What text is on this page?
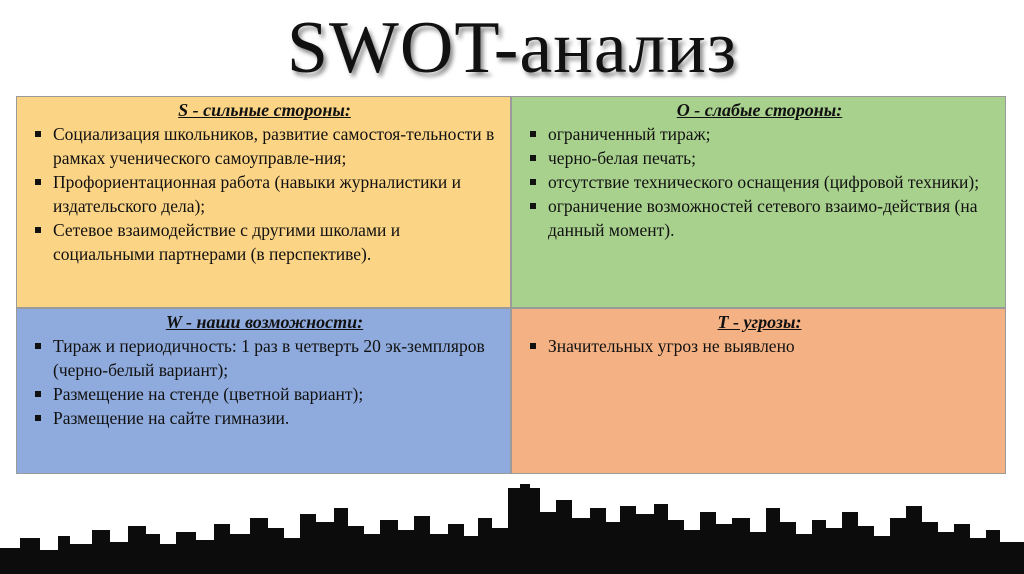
SWOT-анализ
S - сильные стороны:
Социализация школьников, развитие самостоя-тельности в рамках ученического самоуправле-ния;
Профориентационная работа (навыки журналистики и издательского дела);
Сетевое взаимодействие с другими школами и социальными партнерами (в перспективе).
O - слабые стороны:
ограниченный тираж;
черно-белая печать;
отсутствие технического оснащения (цифровой техники);
ограничение возможностей сетевого взаимо-действия (на данный момент).
W - наши возможности:
Тираж и периодичность: 1 раз в четверть 20 эк-земпляров (черно-белый вариант);
Размещение на стенде (цветной вариант);
Размещение на сайте гимназии.
T - угрозы:
Значительных угроз не выявлено
